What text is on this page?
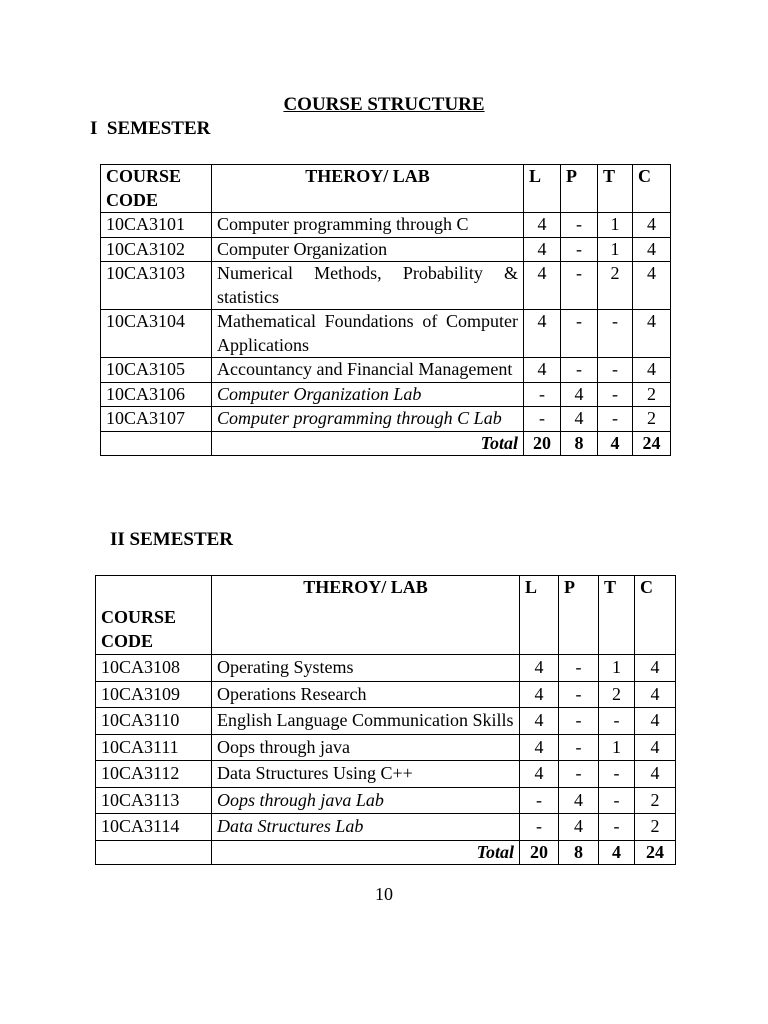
COURSE STRUCTURE
I  SEMESTER
COURSE CODE	THEROY/ LAB	L	P	T	C
10CA3101	Computer programming through C	4	-	1	4
10CA3102	Computer Organization	4	-	1	4
10CA3103	Numerical Methods, Probability & statistics	4	-	2	4
10CA3104	Mathematical Foundations of Computer Applications	4	-	-	4
10CA3105	Accountancy and Financial Management	4	-	-	4
10CA3106	Computer Organization Lab	-	4	-	2
10CA3107	Computer programming through C Lab	-	4	-	2
	Total	20	8	4	24
II SEMESTER
COURSE CODE	THEROY/ LAB	L	P	T	C
10CA3108	Operating Systems	4	-	1	4
10CA3109	Operations Research	4	-	2	4
10CA3110	English Language Communication Skills	4	-	-	4
10CA3111	Oops through java	4	-	1	4
10CA3112	Data Structures Using C++	4	-	-	4
10CA3113	Oops through java Lab	-	4	-	2
10CA3114	Data Structures Lab	-	4	-	2
	Total	20	8	4	24

10
